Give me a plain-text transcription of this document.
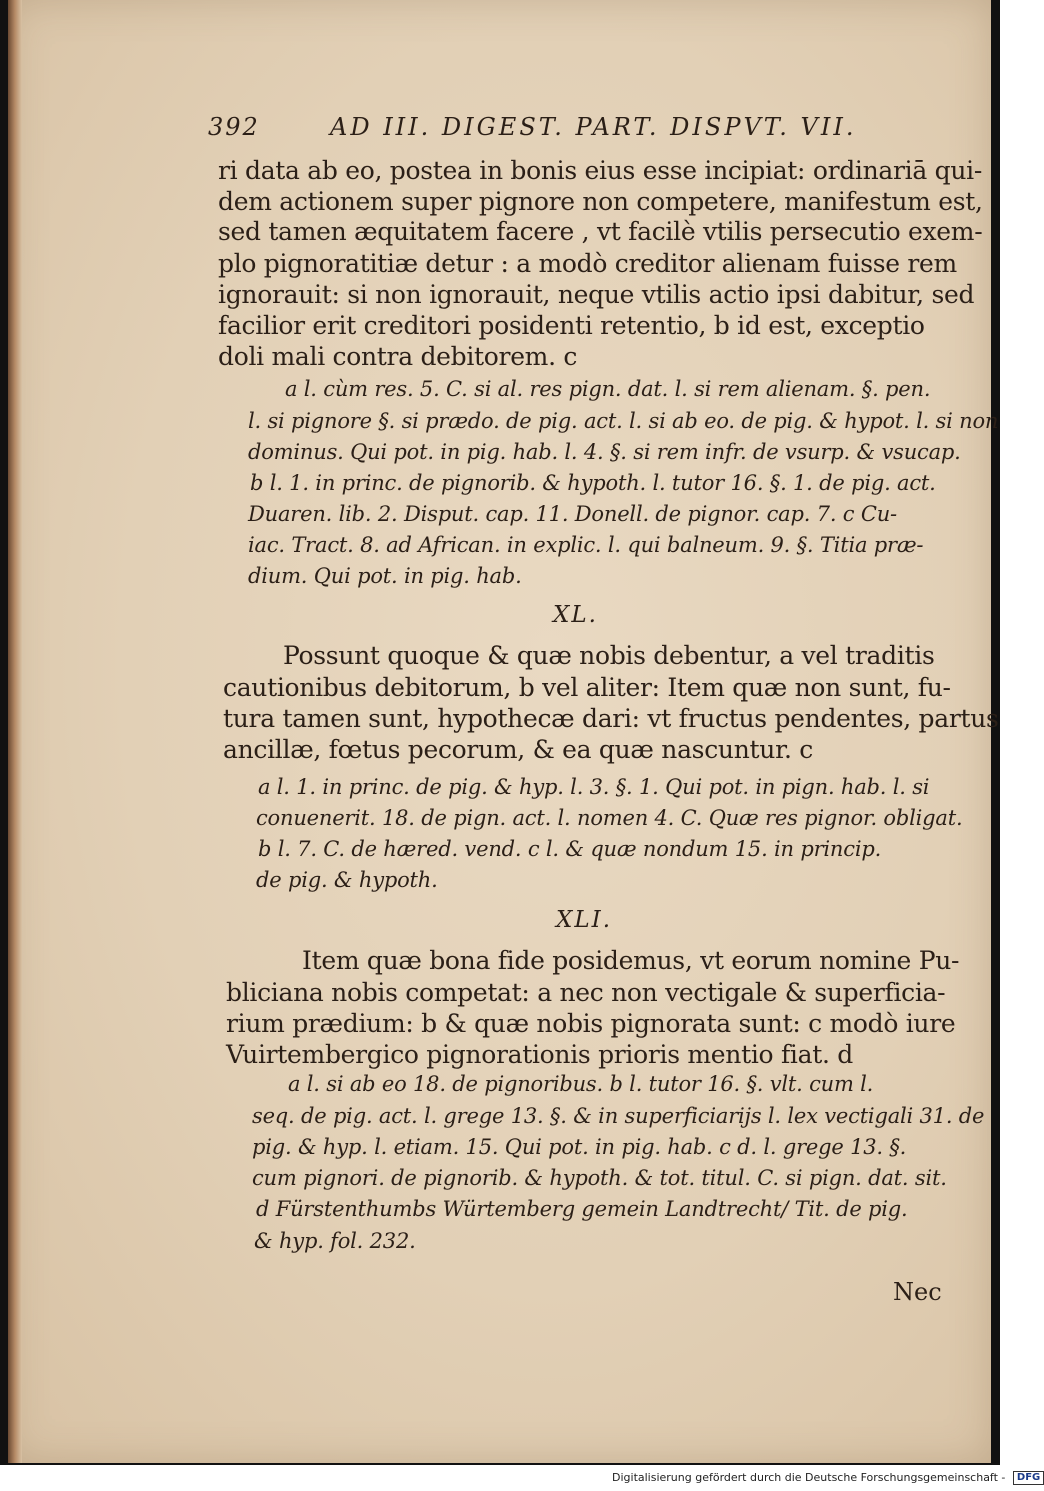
392	AD III. DIGEST. PART. DISPVT. VII.
ri data ab eo, postea in bonis eius esse incipiat: ordinariā qui-
dem actionem super pignore non competere, manifestum est,
sed tamen æquitatem facere , vt facilè vtilis persecutio exem-
plo pignoratitiæ detur : a modò creditor alienam fuisse rem
ignorauit: si non ignorauit, neque vtilis actio ipsi dabitur, sed
facilior erit creditori posidenti retentio, b id est, exceptio
doli mali contra debitorem. c
a l. cùm res. 5. C. si al. res pign. dat. l. si rem alienam. §. pen.
l. si pignore §. si prædo. de pig. act. l. si ab eo. de pig. & hypot. l. si non
dominus. Qui pot. in pig. hab. l. 4. §. si rem infr. de vsurp. & vsucap.
b l. 1. in princ. de pignorib. & hypoth. l. tutor 16. §. 1. de pig. act.
Duaren. lib. 2. Disput. cap. 11. Donell. de pignor. cap. 7. c Cu-
iac. Tract. 8. ad African. in explic. l. qui balneum. 9. §. Titia præ-
dium. Qui pot. in pig. hab.
XL.
Possunt quoque & quæ nobis debentur, a vel traditis
cautionibus debitorum, b vel aliter: Item quæ non sunt, fu-
tura tamen sunt, hypothecæ dari: vt fructus pendentes, partus
ancillæ, fœtus pecorum, & ea quæ nascuntur. c
a l. 1. in princ. de pig. & hyp. l. 3. §. 1. Qui pot. in pign. hab. l. si
conuenerit. 18. de pign. act. l. nomen 4. C. Quæ res pignor. obligat.
b l. 7. C. de hæred. vend. c l. & quæ nondum 15. in princip.
de pig. & hypoth.
XLI.
Item quæ bona fide posidemus, vt eorum nomine Pu-
bliciana nobis competat: a nec non vectigale & superficia-
rium prædium: b & quæ nobis pignorata sunt: c modò iure
Vuirtembergico pignorationis prioris mentio fiat. d
a l. si ab eo 18. de pignoribus. b l. tutor 16. §. vlt. cum l.
seq. de pig. act. l. grege 13. §. & in superficiarijs l. lex vectigali 31. de
pig. & hyp. l. etiam. 15. Qui pot. in pig. hab. c d. l. grege 13. §.
cum pignori. de pignorib. & hypoth. & tot. titul. C. si pign. dat. sit.
d Fürstenthumbs Würtemberg gemein Landtrecht/ Tit. de pig.
& hyp. fol. 232.
Nec
Digitalisierung gefördert durch die Deutsche Forschungsgemeinschaft - DFG
